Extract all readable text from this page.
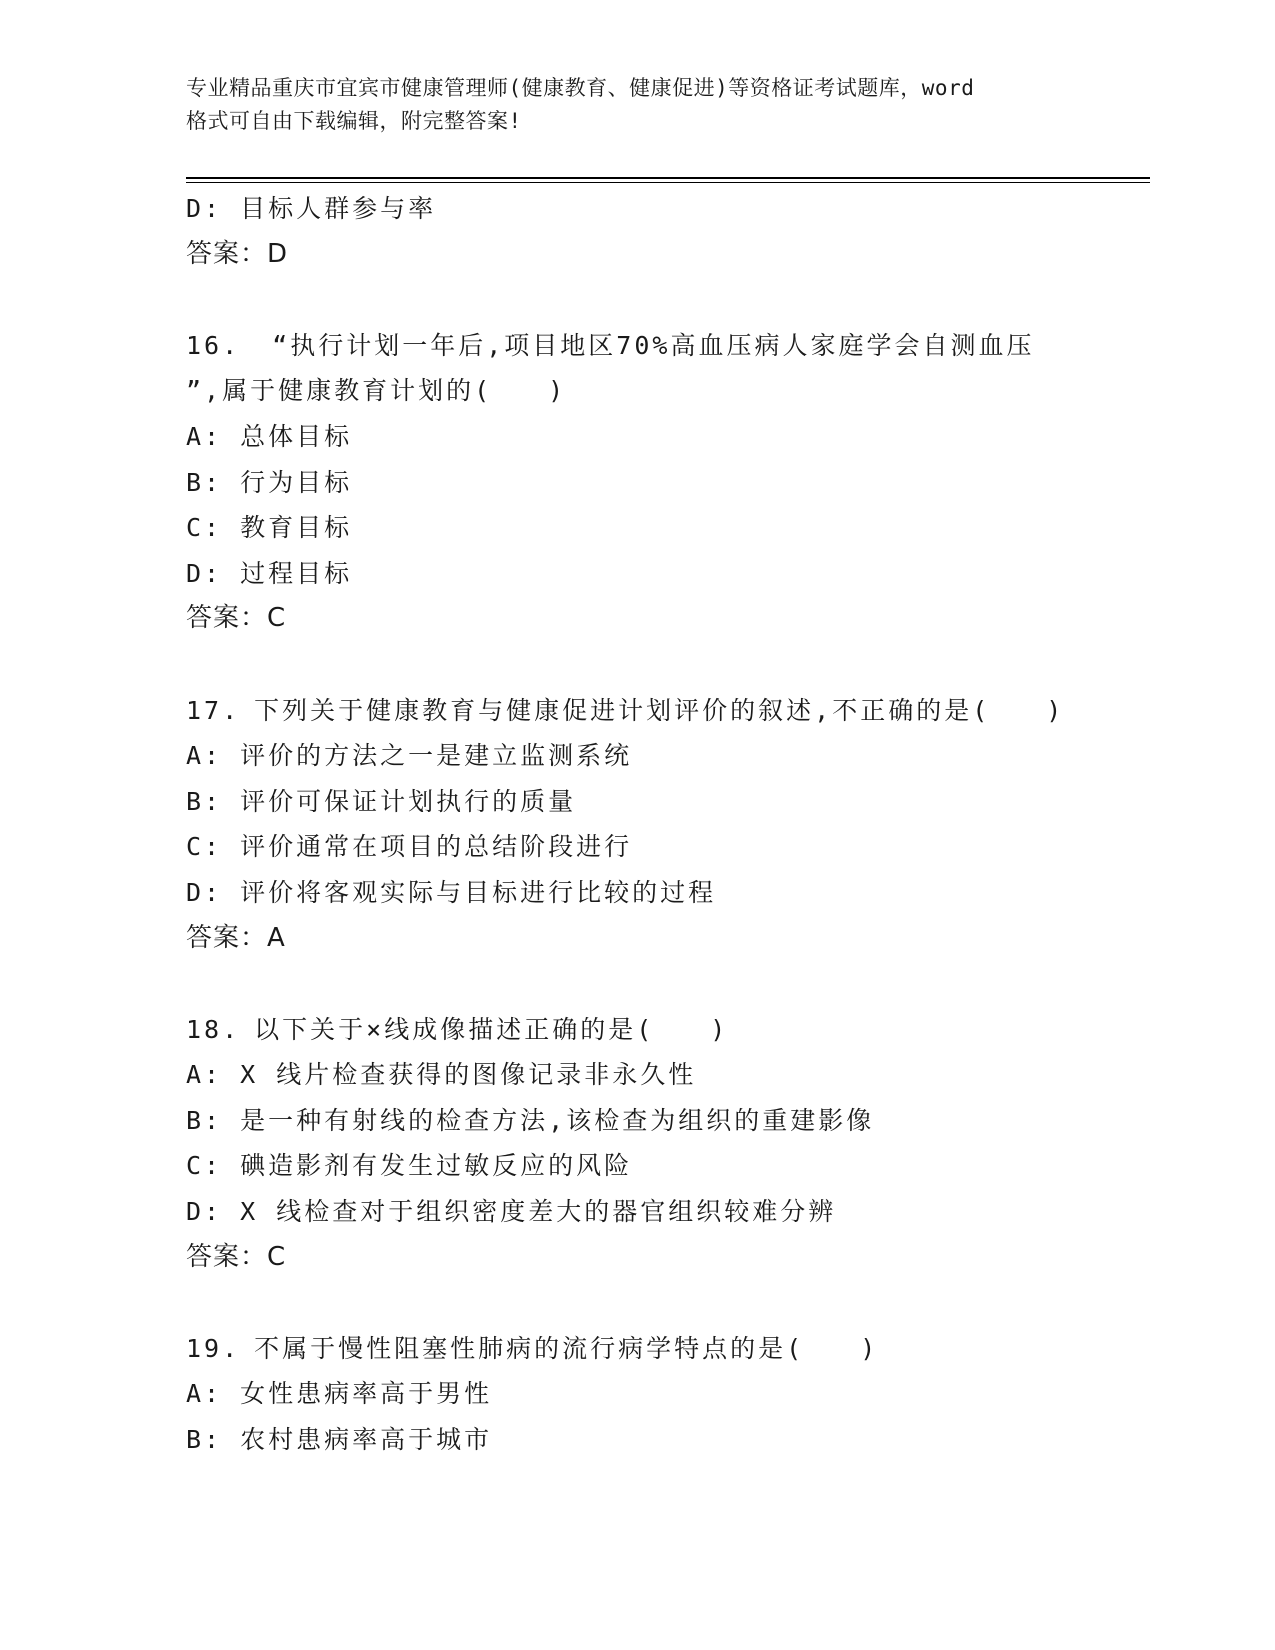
专业精品重庆市宜宾市健康管理师(健康教育、健康促进)等资格证考试题库，word
格式可自由下载编辑，附完整答案!
D: 目标人群参与率
答案：D
16. “执行计划一年后,项目地区70%高血压病人家庭学会自测血压
”,属于健康教育计划的(　　)
A: 总体目标
B: 行为目标
C: 教育目标
D: 过程目标
答案：C
17. 下列关于健康教育与健康促进计划评价的叙述,不正确的是(　　)
A: 评价的方法之一是建立监测系统
B: 评价可保证计划执行的质量
C: 评价通常在项目的总结阶段进行
D: 评价将客观实际与目标进行比较的过程
答案：A
18. 以下关于×线成像描述正确的是(　　)
A: X 线片检查获得的图像记录非永久性
B: 是一种有射线的检查方法,该检查为组织的重建影像
C: 碘造影剂有发生过敏反应的风险
D: X 线检查对于组织密度差大的器官组织较难分辨
答案：C
19. 不属于慢性阻塞性肺病的流行病学特点的是(　　)
A: 女性患病率高于男性
B: 农村患病率高于城市
